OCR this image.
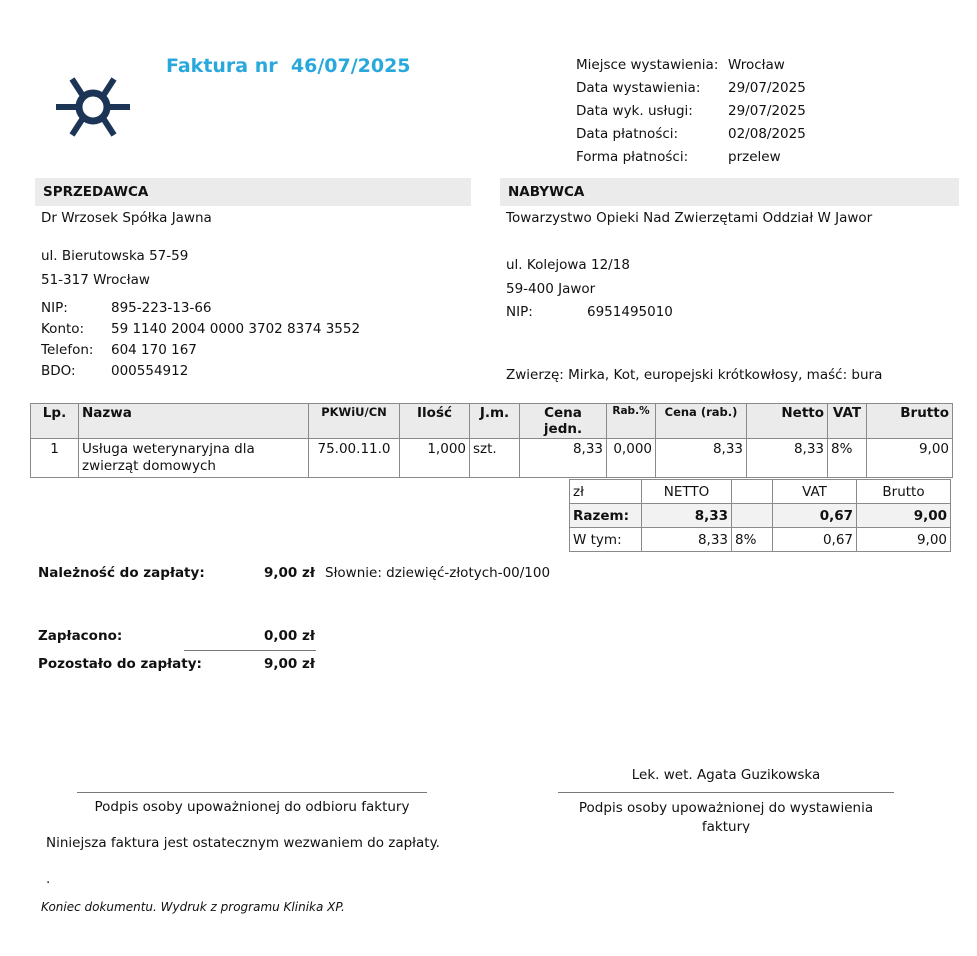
Faktura nr 46/07/2025	Miejsce wystawienia: Wrocław
Data wystawienia: 29/07/2025
Data wyk. usługi:	29/07/2025
Data płatności:	02/08/2025
Forma płatności:	przelew
SPRZEDAWCA
Dr Wrzosek Spółka Jawna
ul. Bierutowska 57-59
51-317 Wrocław
NIP:	895-223-13-66
Konto: 59 1140 2004 0000 3702 8374 3552
Telefon: 604 170 167
BDO:	000554912
NABYWCA
Towarzystwo Opieki Nad Zwierzętami Oddział W Jawor
ul. Kolejowa 12/18
59-400 Jawor
NIP:	6951495010
Zwierzę: Mirka, Kot, europejski krótkowłosy, maść: bura
Lp.	Nazwa	PKWiU/CN	Ilość	J.m.	Cena jedn.	Rab.%	Cena (rab.)	Netto	VAT	Brutto
1	Usługa weterynaryjna dla zwierząt domowych	75.00.11.0	1,000	szt.	8,33	0,000	8,33	8,33	8%	9,00
zł	NETTO		VAT	Brutto
Razem:	8,33		0,67	9,00
W tym:	8,33	8%	0,67	9,00
Należność do zapłaty:	9,00 zł Słownie: dziewięć-złotych-00/100
Zapłacono:	0,00 zł
Pozostało do zapłaty:	9,00 zł
Lek. wet. Agata Guzikowska
Podpis osoby upoważnionej do odbioru faktury	Podpis osoby upoważnionej do wystawienia faktury
Niniejsza faktura jest ostatecznym wezwaniem do zapłaty.
.
Koniec dokumentu. Wydruk z programu Klinika XP.
